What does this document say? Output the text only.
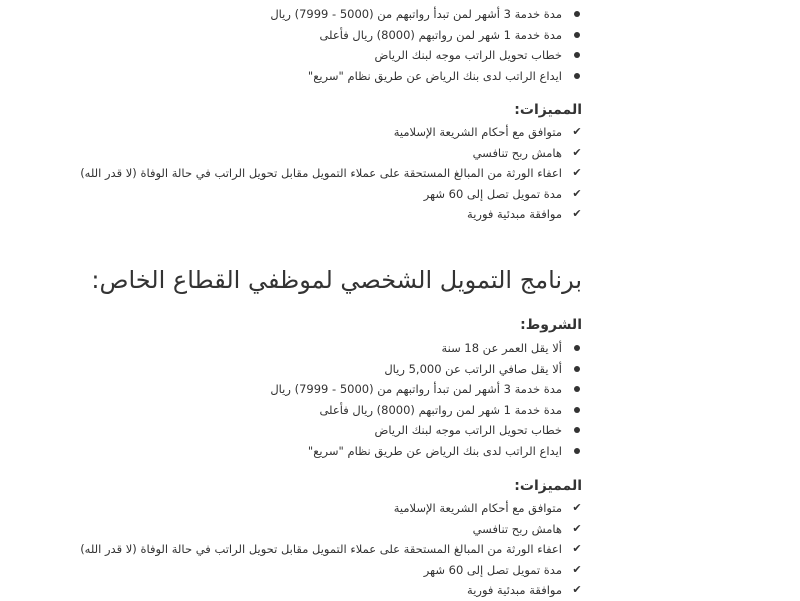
مدة خدمة 3 أشهر لمن تبدأ رواتبهم من (5000 - 7999) ريال
مدة خدمة 1 شهر لمن رواتبهم (8000) ريال فأعلى
خطاب تحويل الراتب موجه لبنك الرياض
ايداع الراتب لدى بنك الرياض عن طريق نظام "سريع"
المميزات:
✔
متوافق مع أحكام الشريعة الإسلامية
✔
هامش ربح تنافسي
✔
اعفاء الورثة من المبالغ المستحقة على عملاء التمويل مقابل تحويل الراتب في حالة الوفاة (لا قدر الله)
✔
مدة تمويل تصل إلى 60 شهر
✔
موافقة مبدئية فورية
برنامج التمويل الشخصي لموظفي القطاع الخاص:
الشروط:
ألا يقل العمر عن 18 سنة
ألا يقل صافي الراتب عن 5,000 ريال
مدة خدمة 3 أشهر لمن تبدأ رواتبهم من (5000 - 7999) ريال
مدة خدمة 1 شهر لمن رواتبهم (8000) ريال فأعلى
خطاب تحويل الراتب موجه لبنك الرياض
ايداع الراتب لدى بنك الرياض عن طريق نظام "سريع"
المميزات:
✔
متوافق مع أحكام الشريعة الإسلامية
✔
هامش ربح تنافسي
✔
اعفاء الورثة من المبالغ المستحقة على عملاء التمويل مقابل تحويل الراتب في حالة الوفاة (لا قدر الله)
✔
مدة تمويل تصل إلى 60 شهر
✔
موافقة مبدئية فورية
